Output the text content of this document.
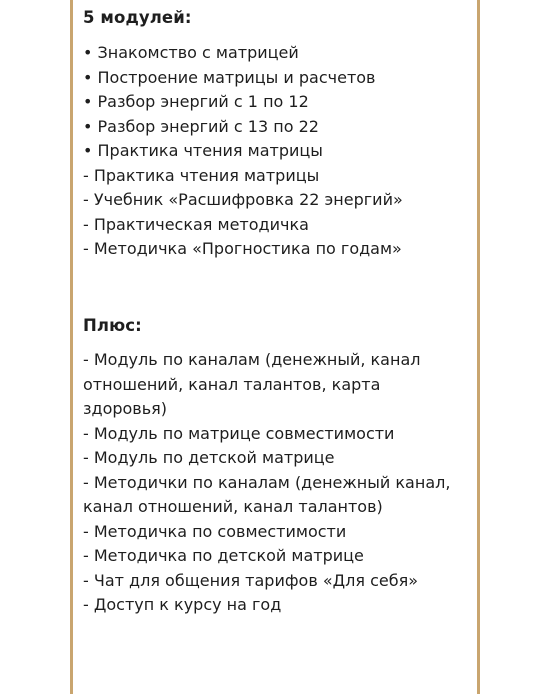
5 модулей:
• Знакомство с матрицей
• Построение матрицы и расчетов
• Разбор энергий с 1 по 12
• Разбор энергий с 13 по 22
• Практика чтения матрицы
- Практика чтения матрицы
- Учебник «Расшифровка 22 энергий»
- Практическая методичка
- Методичка «Прогностика по годам»
Плюс:
- Модуль по каналам (денежный, канал отношений, канал талантов, карта здоровья)
- Модуль по матрице совместимости
- Модуль по детской матрице
- Методички по каналам (денежный канал, канал отношений, канал талантов)
- Методичка по совместимости
- Методичка по детской матрице
- Чат для общения тарифов «Для себя»
- Доступ к курсу на год
